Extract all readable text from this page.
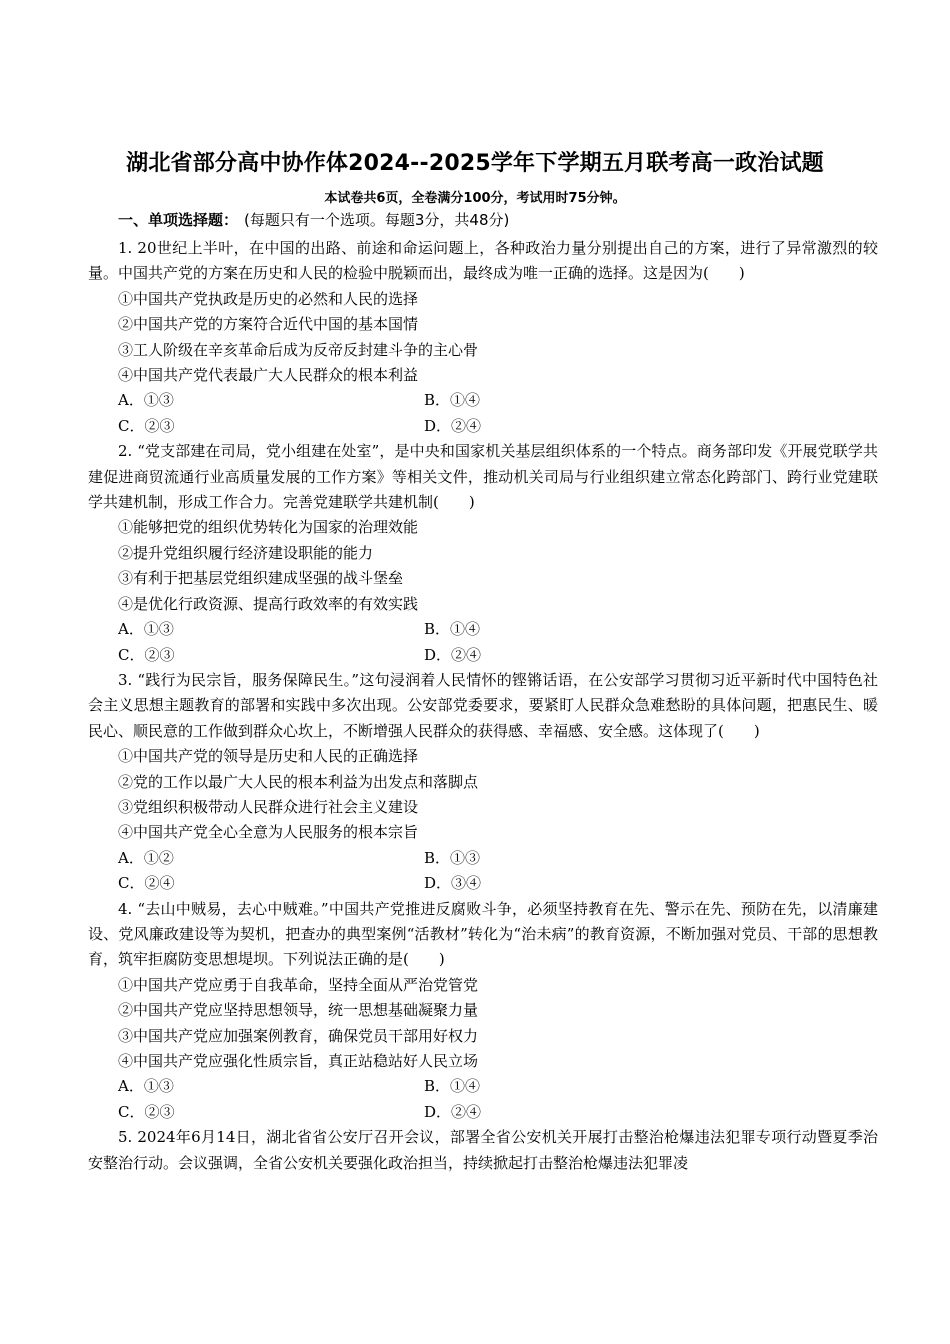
湖北省部分高中协作体2024--2025学年下学期五月联考高一政治试题
本试卷共6页，全卷满分100分，考试用时75分钟。
一、单项选择题： (每题只有一个选项。每题3分，共48分)

1. 20世纪上半叶，在中国的出路、前途和命运问题上，各种政治力量分别提出自己的方案，进行了异常激烈的较量。中国共产党的方案在历史和人民的检验中脱颖而出，最终成为唯一正确的选择。这是因为(　　)

①中国共产党执政是历史的必然和人民的选择

②中国共产党的方案符合近代中国的基本国情

③工人阶级在辛亥革命后成为反帝反封建斗争的主心骨

④中国共产党代表最广大人民群众的根本利益

A．①③	B．①④
C．②③	D．②④

2. “党支部建在司局，党小组建在处室”，是中央和国家机关基层组织体系的一个特点。商务部印发《开展党联学共建促进商贸流通行业高质量发展的工作方案》等相关文件，推动机关司局与行业组织建立常态化跨部门、跨行业党建联学共建机制，形成工作合力。完善党建联学共建机制(　　)

①能够把党的组织优势转化为国家的治理效能

②提升党组织履行经济建设职能的能力

③有利于把基层党组织建成坚强的战斗堡垒

④是优化行政资源、提高行政效率的有效实践

A．①③	B．①④
C．②③	D．②④

3. “践行为民宗旨，服务保障民生。”这句浸润着人民情怀的铿锵话语，在公安部学习贯彻习近平新时代中国特色社会主义思想主题教育的部署和实践中多次出现。公安部党委要求，要紧盯人民群众急难愁盼的具体问题，把惠民生、暖民心、顺民意的工作做到群众心坎上，不断增强人民群众的获得感、幸福感、安全感。这体现了(　　)

①中国共产党的领导是历史和人民的正确选择

②党的工作以最广大人民的根本利益为出发点和落脚点

③党组织积极带动人民群众进行社会主义建设

④中国共产党全心全意为人民服务的根本宗旨

A．①②	B．①③
C．②④	D．③④

4. “去山中贼易，去心中贼难。”中国共产党推进反腐败斗争，必须坚持教育在先、警示在先、预防在先，以清廉建设、党风廉政建设等为契机，把查办的典型案例“活教材”转化为“治未病”的教育资源，不断加强对党员、干部的思想教育，筑牢拒腐防变思想堤坝。下列说法正确的是(　　)

①中国共产党应勇于自我革命，坚持全面从严治党管党

②中国共产党应坚持思想领导，统一思想基础凝聚力量

③中国共产党应加强案例教育，确保党员干部用好权力

④中国共产党应强化性质宗旨，真正站稳站好人民立场

A．①③	B．①④
C．②③	D．②④

5. 2024年6月14日，湖北省省公安厅召开会议，部署全省公安机关开展打击整治枪爆违法犯罪专项行动暨夏季治安整治行动。会议强调，全省公安机关要强化政治担当，持续掀起打击整治枪爆违法犯罪凌
